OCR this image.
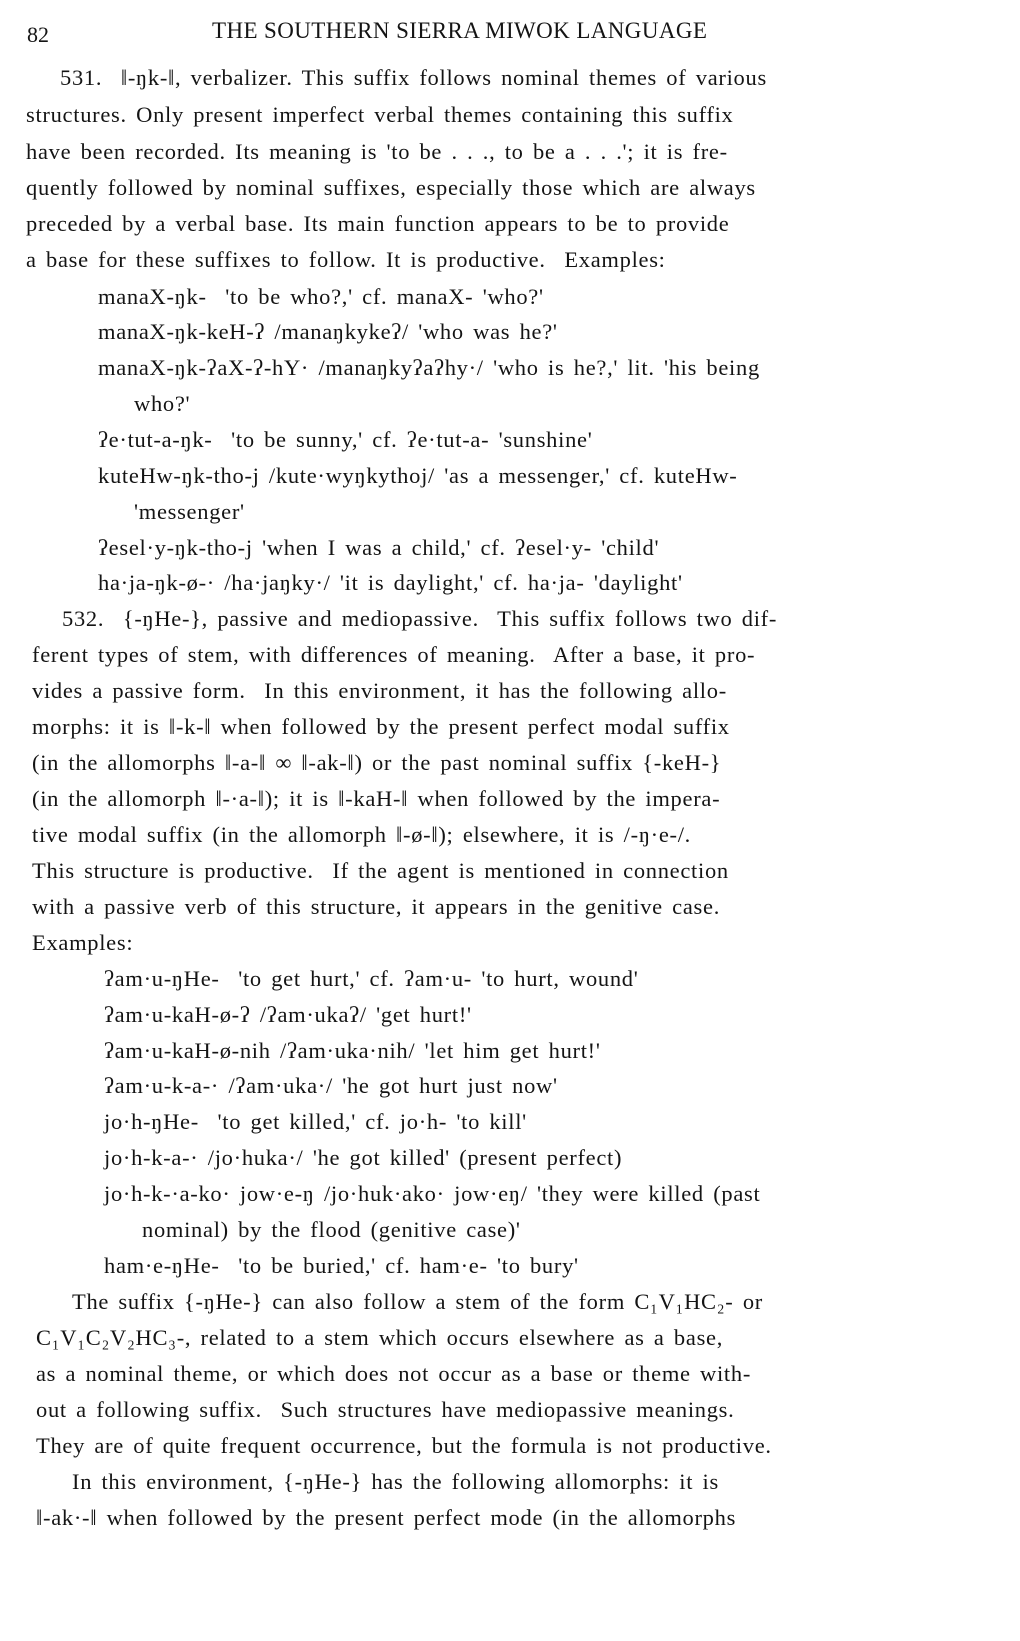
82	THE SOUTHERN SIERRA MIWOK LANGUAGE
531.  ‖-ŋk-‖, verbalizer. This suffix follows nominal themes of various
structures. Only present imperfect verbal themes containing this suffix
have been recorded. Its meaning is 'to be . . ., to be a . . .'; it is fre-
quently followed by nominal suffixes, especially those which are always
preceded by a verbal base. Its main function appears to be to provide
a base for these suffixes to follow. It is productive.  Examples:
manaX-ŋk-  'to be who?,' cf. manaX- 'who?'
manaX-ŋk-keH-ʔ /manaŋkykeʔ/ 'who was he?'
manaX-ŋk-ʔaX-ʔ-hY· /manaŋkyʔaʔhy·/ 'who is he?,' lit. 'his being
who?'
ʔe·tut-a-ŋk-  'to be sunny,' cf. ʔe·tut-a- 'sunshine'
kuteHw-ŋk-tho-j /kute·wyŋkythoj/ 'as a messenger,' cf. kuteHw-
'messenger'
ʔesel·y-ŋk-tho-j 'when I was a child,' cf. ʔesel·y- 'child'
ha·ja-ŋk-ø-· /ha·jaŋky·/ 'it is daylight,' cf. ha·ja- 'daylight'
532.  {-ŋHe-}, passive and mediopassive.  This suffix follows two dif-
ferent types of stem, with differences of meaning.  After a base, it pro-
vides a passive form.  In this environment, it has the following allo-
morphs: it is ‖-k-‖ when followed by the present perfect modal suffix
(in the allomorphs ‖-a-‖ ∞ ‖-ak-‖) or the past nominal suffix {-keH-}
(in the allomorph ‖-·a-‖); it is ‖-kaH-‖ when followed by the impera-
tive modal suffix (in the allomorph ‖-ø-‖); elsewhere, it is /-ŋ·e-/.
This structure is productive.  If the agent is mentioned in connection
with a passive verb of this structure, it appears in the genitive case.
Examples:
ʔam·u-ŋHe-  'to get hurt,' cf. ʔam·u- 'to hurt, wound'
ʔam·u-kaH-ø-ʔ /ʔam·ukaʔ/ 'get hurt!'
ʔam·u-kaH-ø-nih /ʔam·uka·nih/ 'let him get hurt!'
ʔam·u-k-a-· /ʔam·uka·/ 'he got hurt just now'
jo·h-ŋHe-  'to get killed,' cf. jo·h- 'to kill'
jo·h-k-a-· /jo·huka·/ 'he got killed' (present perfect)
jo·h-k-·a-ko· jow·e-ŋ /jo·huk·ako· jow·eŋ/ 'they were killed (past
nominal) by the flood (genitive case)'
ham·e-ŋHe-  'to be buried,' cf. ham·e- 'to bury'
The suffix {-ŋHe-} can also follow a stem of the form C₁V₁HC₂- or
C₁V₁C₂V₂HC₃-, related to a stem which occurs elsewhere as a base,
as a nominal theme, or which does not occur as a base or theme with-
out a following suffix.  Such structures have mediopassive meanings.
They are of quite frequent occurrence, but the formula is not productive.
In this environment, {-ŋHe-} has the following allomorphs: it is
‖-ak·-‖ when followed by the present perfect mode (in the allomorphs
